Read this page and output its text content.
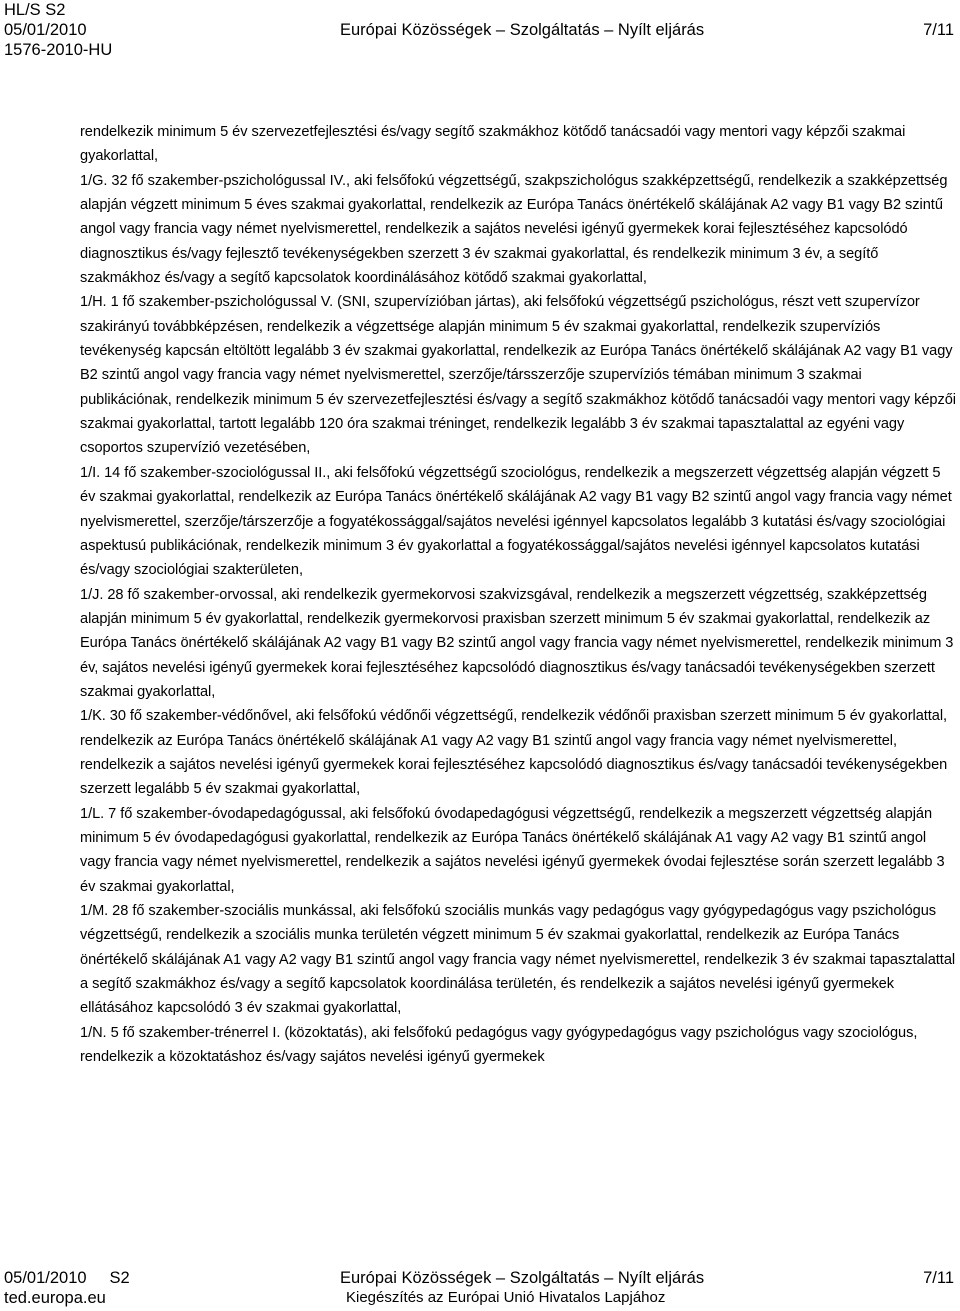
HL/S S2
05/01/2010	Európai Közösségek – Szolgáltatás – Nyílt eljárás	7/11
1576-2010-HU

rendelkezik minimum 5 év szervezetfejlesztési és/vagy segítő szakmákhoz kötődő tanácsadói vagy mentori vagy képzői szakmai gyakorlattal,

1/G. 32 fő szakember-pszichológussal IV., aki felsőfokú végzettségű, szakpszichológus szakképzettségű, rendelkezik a szakképzettség alapján végzett minimum 5 éves szakmai gyakorlattal, rendelkezik az Európa Tanács önértékelő skálájának A2 vagy B1 vagy B2 szintű angol vagy francia vagy német nyelvismerettel, rendelkezik a sajátos nevelési igényű gyermekek korai fejlesztéséhez kapcsolódó diagnosztikus és/vagy fejlesztő tevékenységekben szerzett 3 év szakmai gyakorlattal, és rendelkezik minimum 3 év, a segítő szakmákhoz és/vagy a segítő kapcsolatok koordinálásához kötődő szakmai gyakorlattal,

1/H. 1 fő szakember-pszichológussal V. (SNI, szupervízióban jártas), aki felsőfokú végzettségű pszichológus, részt vett szupervízor szakirányú továbbképzésen, rendelkezik a végzettsége alapján minimum 5 év szakmai gyakorlattal, rendelkezik szupervíziós tevékenység kapcsán eltöltött legalább 3 év szakmai gyakorlattal, rendelkezik az Európa Tanács önértékelő skálájának A2 vagy B1 vagy B2 szintű angol vagy francia vagy német nyelvismerettel, szerzője/társszerzője szupervíziós témában minimum 3 szakmai publikációnak, rendelkezik minimum 5 év szervezetfejlesztési és/vagy a segítő szakmákhoz kötődő tanácsadói vagy mentori vagy képzői szakmai gyakorlattal, tartott legalább 120 óra szakmai tréninget, rendelkezik legalább 3 év szakmai tapasztalattal az egyéni vagy csoportos szupervízió vezetésében,

1/I. 14 fő szakember-szociológussal II., aki felsőfokú végzettségű szociológus, rendelkezik a megszerzett végzettség alapján végzett 5 év szakmai gyakorlattal, rendelkezik az Európa Tanács önértékelő skálájának A2 vagy B1 vagy B2 szintű angol vagy francia vagy német nyelvismerettel, szerzője/társzerzője a fogyatékossággal/sajátos nevelési igénnyel kapcsolatos legalább 3 kutatási és/vagy szociológiai aspektusú publikációnak, rendelkezik minimum 3 év gyakorlattal a fogyatékossággal/sajátos nevelési igénnyel kapcsolatos kutatási és/vagy szociológiai szakterületen,

1/J. 28 fő szakember-orvossal, aki rendelkezik gyermekorvosi szakvizsgával, rendelkezik a megszerzett végzettség, szakképzettség alapján minimum 5 év gyakorlattal, rendelkezik gyermekorvosi praxisban szerzett minimum 5 év szakmai gyakorlattal, rendelkezik az Európa Tanács önértékelő skálájának A2 vagy B1 vagy B2 szintű angol vagy francia vagy német nyelvismerettel, rendelkezik minimum 3 év, sajátos nevelési igényű gyermekek korai fejlesztéséhez kapcsolódó diagnosztikus és/vagy tanácsadói tevékenységekben szerzett szakmai gyakorlattal,

1/K. 30 fő szakember-védőnővel, aki felsőfokú védőnői végzettségű, rendelkezik védőnői praxisban szerzett minimum 5 év gyakorlattal, rendelkezik az Európa Tanács önértékelő skálájának A1 vagy A2 vagy B1 szintű angol vagy francia vagy német nyelvismerettel, rendelkezik a sajátos nevelési igényű gyermekek korai fejlesztéséhez kapcsolódó diagnosztikus és/vagy tanácsadói tevékenységekben szerzett legalább 5 év szakmai gyakorlattal,

1/L. 7 fő szakember-óvodapedagógussal, aki felsőfokú óvodapedagógusi végzettségű, rendelkezik a megszerzett végzettség alapján minimum 5 év óvodapedagógusi gyakorlattal, rendelkezik az Európa Tanács önértékelő skálájának A1 vagy A2 vagy B1 szintű angol vagy francia vagy német nyelvismerettel, rendelkezik a sajátos nevelési igényű gyermekek óvodai fejlesztése során szerzett legalább 3 év szakmai gyakorlattal,

1/M. 28 fő szakember-szociális munkással, aki felsőfokú szociális munkás vagy pedagógus vagy gyógypedagógus vagy pszichológus végzettségű, rendelkezik a szociális munka területén végzett minimum 5 év szakmai gyakorlattal, rendelkezik az Európa Tanács önértékelő skálájának A1 vagy A2 vagy B1 szintű angol vagy francia vagy német nyelvismerettel, rendelkezik 3 év szakmai tapasztalattal a segítő szakmákhoz és/vagy a segítő kapcsolatok koordinálása területén, és rendelkezik a sajátos nevelési igényű gyermekek ellátásához kapcsolódó 3 év szakmai gyakorlattal,

1/N. 5 fő szakember-trénerrel I. (közoktatás), aki felsőfokú pedagógus vagy gyógypedagógus vagy pszichológus vagy szociológus, rendelkezik a közoktatáshoz és/vagy sajátos nevelési igényű gyermekek

05/01/2010 S2	Európai Közösségek – Szolgáltatás – Nyílt eljárás	7/11
ted.europa.eu	Kiegészítés az Európai Unió Hivatalos Lapjához
